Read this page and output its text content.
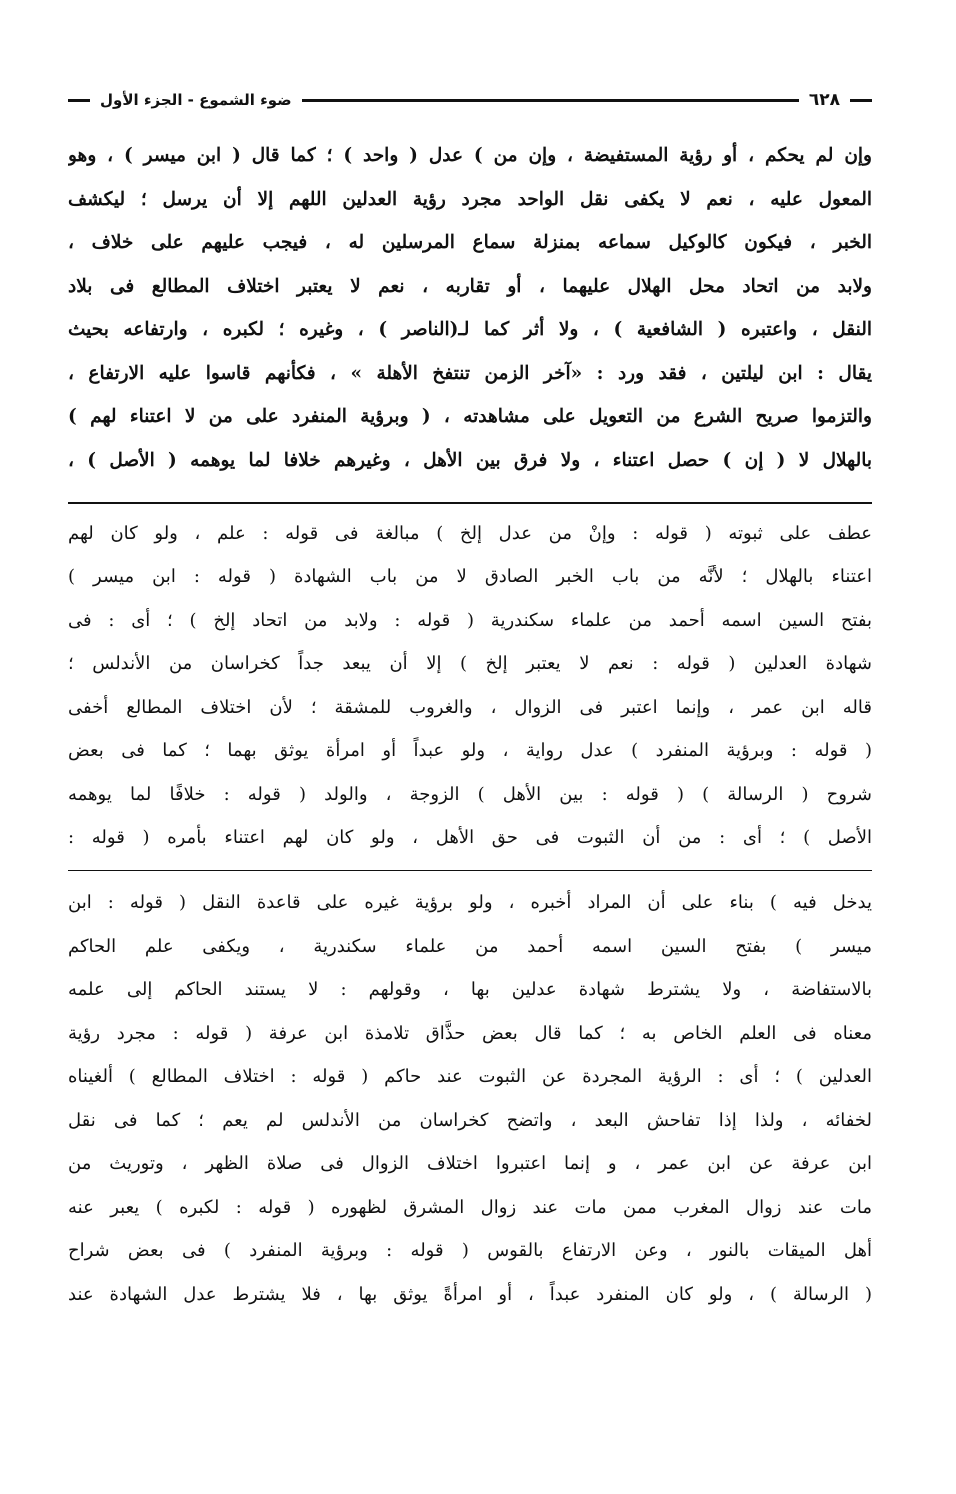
٦٢٨
ضوء الشموع - الجزء الأول
وإن لم يحكم ، أو رؤية المستفيضة ، وإن من ) عدل ( واحد ) ؛ كما قال ( ابن ميسر ) ، وهو
المعول عليه ، نعم لا يكفى نقل الواحد مجرد رؤية العدلين اللهم إلا أن يرسل ؛ ليكشف
الخبر ، فيكون كالوكيل سماعه بمنزلة سماع المرسلين له ، فيجب عليهم على خلاف ،
ولابد من اتحاد محل الهلال عليهما ، أو تقاربه ، نعم لا يعتبر اختلاف المطالع فى بلاد
النقل ، واعتبره ( الشافعية ) ، ولا أثر كما لـ(الناصر ) ، وغيره ؛ لكبره ، وارتفاعه بحيث
يقال : ابن ليلتين ، فقد ورد : «آخر الزمن تنتفخ الأهلة » ، فكأنهم قاسوا عليه الارتفاع ،
والتزموا صريح الشرع من التعويل على مشاهدته ، ( وبرؤية المنفرد على من لا اعتناء لهم )
بالهلال لا ( إن ) حصل اعتناء ، ولا فرق بين الأهل ، وغيرهم خلافا لما يوهمه ( الأصل ) ،
عطف على ثبوته ( قوله : وإنْ من عدل إلخ ) مبالغة فى قوله : علم ، ولو كان لهم
اعتناء بالهلال ؛ لأنَّه من باب الخبر الصادق لا من باب الشهادة ( قوله : ابن ميسر )
بفتح السين اسمه أحمد من علماء سكندرية ( قوله : ولابد من اتحاد إلخ ) ؛ أى : فى
شهادة العدلين ( قوله : نعم لا يعتبر إلخ ) إلا أن يبعد جداً كخراسان من الأندلس ؛
قاله ابن عمر ، وإنما اعتبر فى الزوال ، والغروب للمشقة ؛ لأن اختلاف المطالع أخفى
( قوله : وبرؤية المنفرد ) عدل رواية ، ولو عبداً أو امرأة يوثق بهما ؛ كما فى بعض
شروح ( الرسالة ) ( قوله : بين الأهل ) الزوجة ، والولد ( قوله : خلافًا لما يوهمه
الأصل ) ؛ أى : من أن الثبوت فى حق الأهل ، ولو كان لهم اعتناء بأمره ( قوله :
يدخل فيه ) بناء على أن المراد أخبره ، ولو برؤية غيره على قاعدة النقل ( قوله : ابن
ميسر ) بفتح السين اسمه أحمد من علماء سكندرية ، ويكفى علم الحاكم
بالاستفاضة ، ولا يشترط شهادة عدلين بها ، وقولهم : لا يستند الحاكم إلى علمه
معناه فى العلم الخاص به ؛ كما قال بعض حذَّاق تلامذة ابن عرفة ( قوله : مجرد رؤية
العدلين ) ؛ أى : الرؤية المجردة عن الثبوت عند حاكم ( قوله : اختلاف المطالع ) ألغيناه
لخفائه ، ولذا إذا تفاحش البعد ، واتضح كخراسان من الأندلس لم يعم ؛ كما فى نقل
ابن عرفة عن ابن عمر ، و إنما اعتبروا اختلاف الزوال فى صلاة الظهر ، وتوريث من
مات عند زوال المغرب ممن مات عند زوال المشرق لظهوره ( قوله : لكبره ) يعبر عنه
أهل الميقات بالنور ، وعن الارتفاع بالقوس ( قوله : وبرؤية المنفرد ) فى بعض شراح
( الرسالة ) ، ولو كان المنفرد عبداً ، أو امرأةً يوثق بها ، فلا يشترط عدل الشهادة عند
